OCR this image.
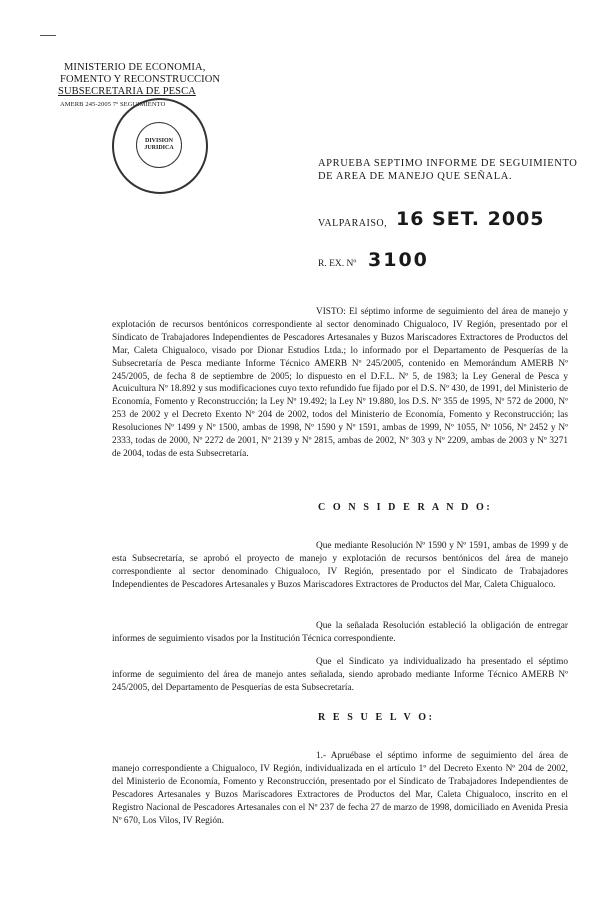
MINISTERIO DE ECONOMIA,
FOMENTO Y RECONSTRUCCION
SUBSECRETARIA DE PESCA
AMERB 245-2005 7º SEGUIMIENTO
DIVISION
JURIDICA
APRUEBA SEPTIMO INFORME DE SEGUIMIENTO
DE AREA DE MANEJO QUE SEÑALA.
VALPARAISO, 16 SET. 2005
R. EX. Nº 3100
VISTO: El séptimo informe de seguimiento del área de manejo y explotación de recursos bentónicos correspondiente al sector denominado Chigualoco, IV Región, presentado por el Sindicato de Trabajadores Independientes de Pescadores Artesanales y Buzos Mariscadores Extractores de Productos del Mar, Caleta Chigualoco, visado por Dionar Estudios Ltda.; lo informado por el Departamento de Pesquerías de la Subsecretaría de Pesca mediante Informe Técnico AMERB Nº 245/2005, contenido en Memorándum AMERB Nº 245/2005, de fecha 8 de septiembre de 2005; lo dispuesto en el D.F.L. Nº 5, de 1983; la Ley General de Pesca y Acuicultura Nº 18.892 y sus modificaciones cuyo texto refundido fue fijado por el D.S. Nº 430, de 1991, del Ministerio de Economía, Fomento y Reconstrucción; la Ley Nº 19.492; la Ley Nº 19.880, los D.S. Nº 355 de 1995, Nº 572 de 2000, Nº 253 de 2002 y el Decreto Exento Nº 204 de 2002, todos del Ministerio de Economía, Fomento y Reconstrucción; las Resoluciones Nº 1499 y Nº 1500, ambas de 1998, Nº 1590 y Nº 1591, ambas de 1999, Nº 1055, Nº 1056, Nº 2452 y Nº 2333, todas de 2000, Nº 2272 de 2001, Nº 2139 y Nº 2815, ambas de 2002, Nº 303 y Nº 2209, ambas de 2003 y Nº 3271 de 2004, todas de esta Subsecretaría.
C O N S I D E R A N D O:
Que mediante Resolución Nº 1590 y Nº 1591, ambas de 1999 y de esta Subsecretaría, se aprobó el proyecto de manejo y explotación de recursos bentónicos del área de manejo correspondiente al sector denominado Chigualoco, IV Región, presentado por el Sindicato de Trabajadores Independientes de Pescadores Artesanales y Buzos Mariscadores Extractores de Productos del Mar, Caleta Chigualoco.
Que la señalada Resolución estableció la obligación de entregar informes de seguimiento visados por la Institución Técnica correspondiente.
Que el Sindicato ya individualizado ha presentado el séptimo informe de seguimiento del área de manejo antes señalada, siendo aprobado mediante Informe Técnico AMERB Nº 245/2005, del Departamento de Pesquerías de esta Subsecretaría.
R E S U E L V O:
1.- Apruébase el séptimo informe de seguimiento del área de manejo correspondiente a Chigualoco, IV Región, individualizada en el artículo 1º del Decreto Exento Nº 204 de 2002, del Ministerio de Economía, Fomento y Reconstrucción, presentado por el Sindicato de Trabajadores Independientes de Pescadores Artesanales y Buzos Mariscadores Extractores de Productos del Mar, Caleta Chigualoco, inscrito en el Registro Nacional de Pescadores Artesanales con el Nº 237 de fecha 27 de marzo de 1998, domiciliado en Avenida Presia Nº 670, Los Vilos, IV Región.
